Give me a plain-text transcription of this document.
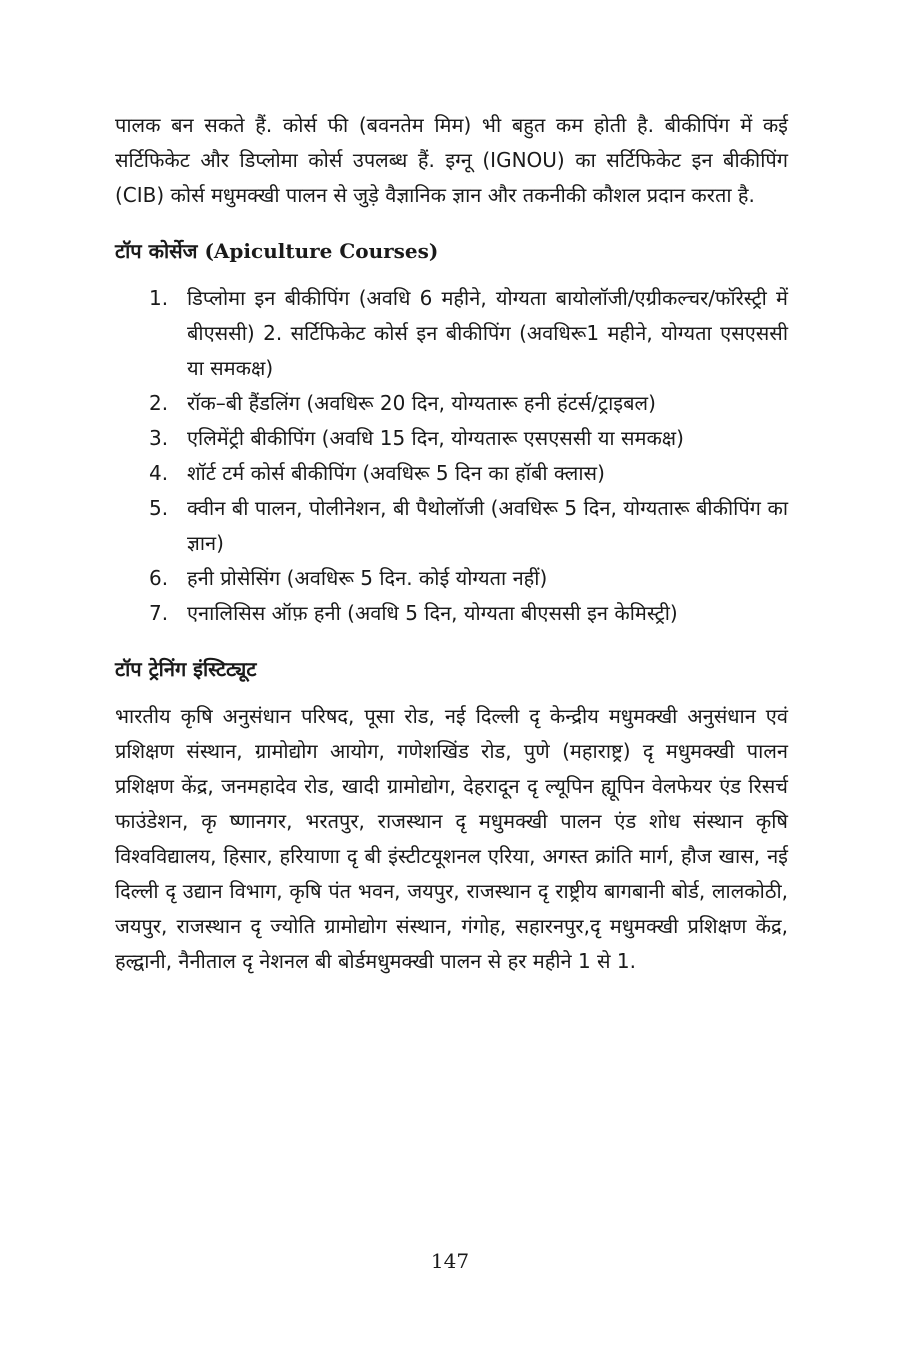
पालक बन सकते हैं. कोर्स फी (बवनतेम मिम) भी बहुत कम होती है. बीकीपिंग में कई सर्टिफिकेट और डिप्लोमा कोर्स उपलब्ध हैं. इग्नू (IGNOU) का सर्टिफिकेट इन बीकीपिंग (CIB) कोर्स मधुमक्खी पालन से जुड़े वैज्ञानिक ज्ञान और तकनीकी कौशल प्रदान करता है.

टॉप कोर्सेज (Apiculture Courses)
1. डिप्लोमा इन बीकीपिंग (अवधि 6 महीने, योग्यता बायोलॉजी/एग्रीकल्चर/फॉरेस्ट्री में बीएससी) 2. सर्टिफिकेट कोर्स इन बीकीपिंग (अवधिरू1 महीने, योग्यता एसएससी या समकक्ष)
2. रॉक–बी हैंडलिंग (अवधिरू 20 दिन, योग्यतारू हनी हंटर्स/ट्राइबल)
3. एलिमेंट्री बीकीपिंग (अवधि 15 दिन, योग्यतारू एसएससी या समकक्ष)
4. शॉर्ट टर्म कोर्स बीकीपिंग (अवधिरू 5 दिन का हॉबी क्लास)
5. क्वीन बी पालन, पोलीनेशन, बी पैथोलॉजी (अवधिरू 5 दिन, योग्यतारू बीकीपिंग का ज्ञान)
6. हनी प्रोसेसिंग (अवधिरू 5 दिन. कोई योग्यता नहीं)
7. एनालिसिस ऑफ़ हनी (अवधि 5 दिन, योग्यता बीएससी इन केमिस्ट्री)
टॉप ट्रेनिंग इंस्टिट्यूट

भारतीय कृषि अनुसंधान परिषद, पूसा रोड, नई दिल्ली दृ केन्द्रीय मधुमक्खी अनुसंधान एवं प्रशिक्षण संस्थान, ग्रामोद्योग आयोग, गणेशखिंड रोड, पुणे (महाराष्ट्र) दृ मधुमक्खी पालन प्रशिक्षण केंद्र, जनमहादेव रोड, खादी ग्रामोद्योग, देहरादून दृ ल्यूपिन ह्यूपिन वेलफेयर एंड रिसर्च फाउंडेशन, कृ ष्णानगर, भरतपुर, राजस्थान दृ मधुमक्खी पालन एंड शोध संस्थान कृषि विश्वविद्यालय, हिसार, हरियाणा दृ बी इंस्टीटयूशनल एरिया, अगस्त क्रांति मार्ग, हौज खास, नई दिल्ली दृ उद्यान विभाग, कृषि पंत भवन, जयपुर, राजस्थान दृ राष्ट्रीय बागबानी बोर्ड, लालकोठी, जयपुर, राजस्थान दृ ज्योति ग्रामोद्योग संस्थान, गंगोह, सहारनपुर,दृ मधुमक्खी प्रशिक्षण केंद्र, हल्द्वानी, नैनीताल दृ नेशनल बी बोर्डमधुमक्खी पालन से हर महीने 1 से 1.

147
